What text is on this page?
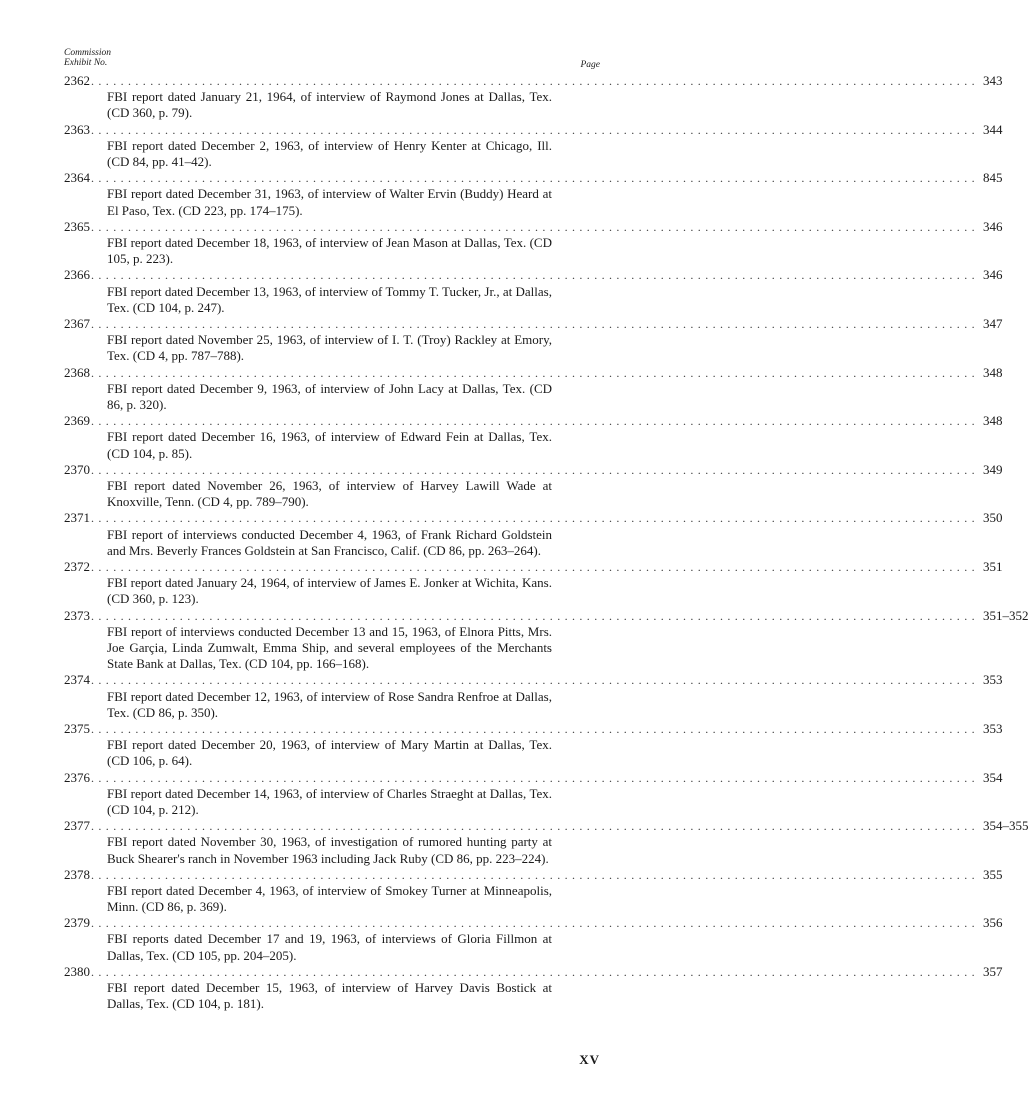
Commission
Exhibit No.	Page
2362 ........................................................................................................................ 343
FBI report dated January 21, 1964, of interview of Raymond Jones at Dallas, Tex. (CD 360, p. 79).
2363 ........................................................................................................................ 344
FBI report dated December 2, 1963, of interview of Henry Kenter at Chicago, Ill. (CD 84, pp. 41–42).
2364 ........................................................................................................................ 845
FBI report dated December 31, 1963, of interview of Walter Ervin (Buddy) Heard at El Paso, Tex. (CD 223, pp. 174–175).
2365 ........................................................................................................................ 346
FBI report dated December 18, 1963, of interview of Jean Mason at Dallas, Tex. (CD 105, p. 223).
2366 ........................................................................................................................ 346
FBI report dated December 13, 1963, of interview of Tommy T. Tucker, Jr., at Dallas, Tex. (CD 104, p. 247).
2367 ........................................................................................................................ 347
FBI report dated November 25, 1963, of interview of I. T. (Troy) Rackley at Emory, Tex. (CD 4, pp. 787–788).
2368 ........................................................................................................................ 348
FBI report dated December 9, 1963, of interview of John Lacy at Dallas, Tex. (CD 86, p. 320).
2369 ........................................................................................................................ 348
FBI report dated December 16, 1963, of interview of Edward Fein at Dallas, Tex. (CD 104, p. 85).
2370 ........................................................................................................................ 349
FBI report dated November 26, 1963, of interview of Harvey Lawill Wade at Knoxville, Tenn. (CD 4, pp. 789–790).
2371 ........................................................................................................................ 350
FBI report of interviews conducted December 4, 1963, of Frank Richard Goldstein and Mrs. Beverly Frances Goldstein at San Francisco, Calif. (CD 86, pp. 263–264).
2372 ........................................................................................................................ 351
FBI report dated January 24, 1964, of interview of James E. Jonker at Wichita, Kans. (CD 360, p. 123).
2373 ........................................................................................................................ 351–352
FBI report of interviews conducted December 13 and 15, 1963, of Elnora Pitts, Mrs. Joe Garçia, Linda Zumwalt, Emma Ship, and several employees of the Merchants State Bank at Dallas, Tex. (CD 104, pp. 166–168).
2374 ........................................................................................................................ 353
FBI report dated December 12, 1963, of interview of Rose Sandra Renfroe at Dallas, Tex. (CD 86, p. 350).
2375 ........................................................................................................................ 353
FBI report dated December 20, 1963, of interview of Mary Martin at Dallas, Tex. (CD 106, p. 64).
2376 ........................................................................................................................ 354
FBI report dated December 14, 1963, of interview of Charles Straeght at Dallas, Tex. (CD 104, p. 212).
2377 ........................................................................................................................ 354–355
FBI report dated November 30, 1963, of investigation of rumored hunting party at Buck Shearer's ranch in November 1963 including Jack Ruby (CD 86, pp. 223–224).
2378 ........................................................................................................................ 355
FBI report dated December 4, 1963, of interview of Smokey Turner at Minneapolis, Minn. (CD 86, p. 369).
2379 ........................................................................................................................ 356
FBI reports dated December 17 and 19, 1963, of interviews of Gloria Fillmon at Dallas, Tex. (CD 105, pp. 204–205).
2380 ........................................................................................................................ 357
FBI report dated December 15, 1963, of interview of Harvey Davis Bostick at Dallas, Tex. (CD 104, p. 181).
XV
